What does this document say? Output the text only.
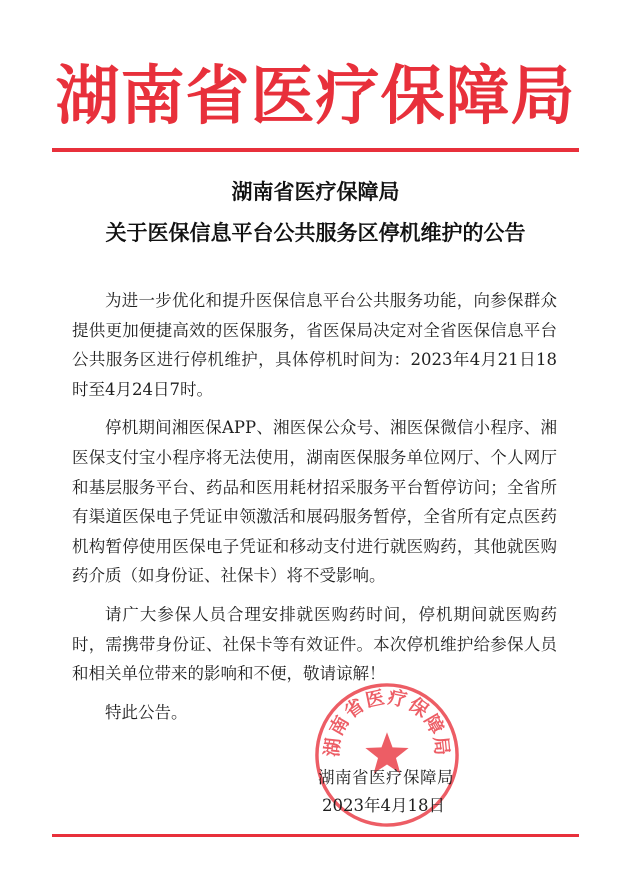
湖南省医疗保障局
湖南省医疗保障局
关于医保信息平台公共服务区停机维护的公告

为进一步优化和提升医保信息平台公共服务功能，向参保群众提供更加便捷高效的医保服务，省医保局决定对全省医保信息平台公共服务区进行停机维护，具体停机时间为：2023年4月21日18时至4月24日7时。

停机期间湘医保APP、湘医保公众号、湘医保微信小程序、湘医保支付宝小程序将无法使用，湖南医保服务单位网厅、个人网厅和基层服务平台、药品和医用耗材招采服务平台暂停访问；全省所有渠道医保电子凭证申领激活和展码服务暂停，全省所有定点医药机构暂停使用医保电子凭证和移动支付进行就医购药，其他就医购药介质（如身份证、社保卡）将不受影响。

请广大参保人员合理安排就医购药时间，停机期间就医购药时，需携带身份证、社保卡等有效证件。本次停机维护给参保人员和相关单位带来的影响和不便，敬请谅解！

特此公告。

湖南省医疗保障局
湖南省医疗保障局
2023年4月18日
